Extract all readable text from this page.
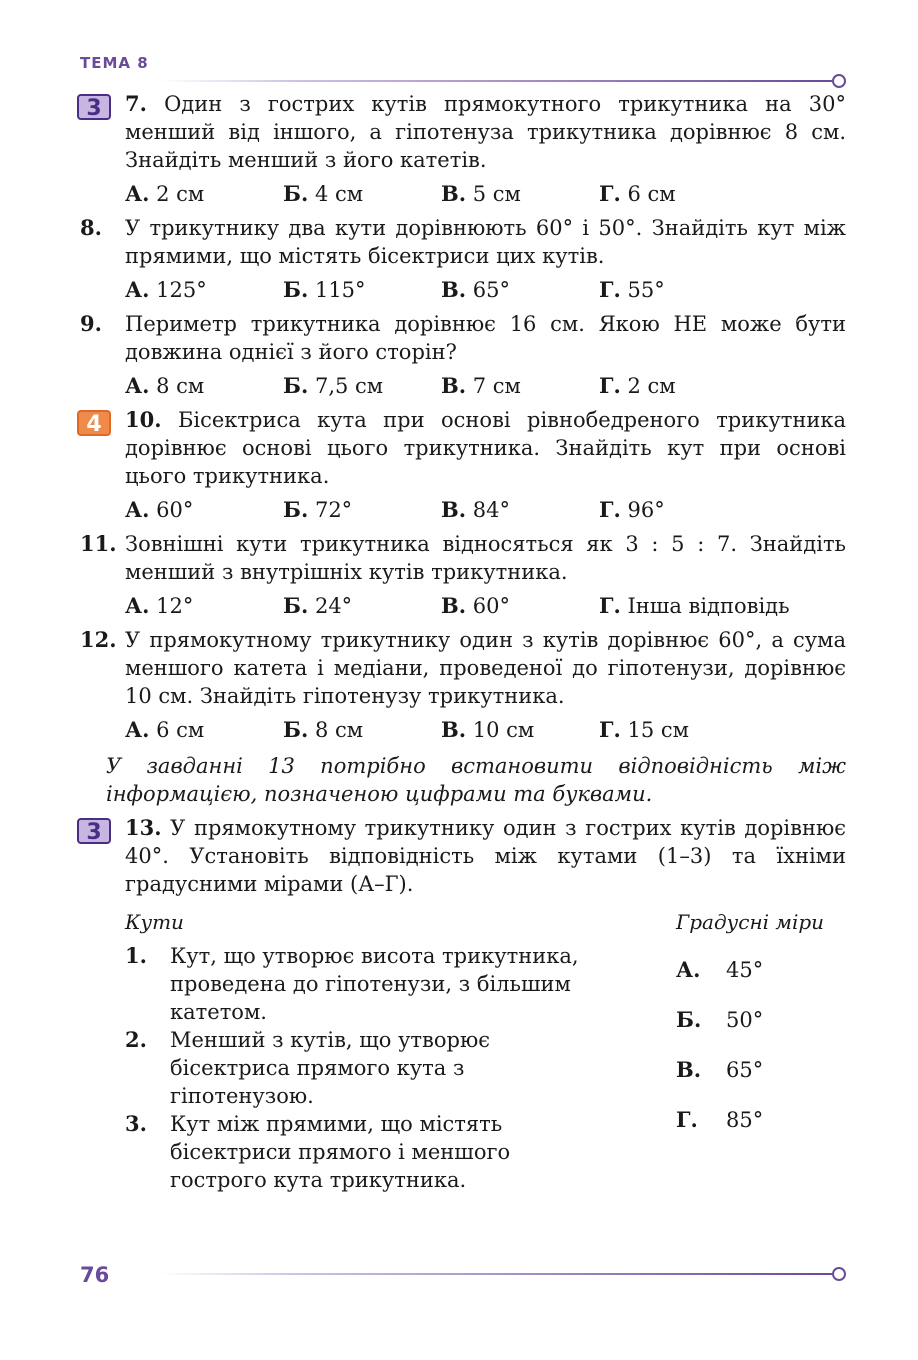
ТЕМА 8
3	7. Один з гострих кутів прямокутного трикутника на 30° менший від іншого, а гіпотенуза трикутника дорівнює 8 см. Знайдіть менший з його катетів.
А. 2 см	Б. 4 см	В. 5 см	Г. 6 см
8.	У трикутнику два кути дорівнюють 60° і 50°. Знайдіть кут між прямими, що містять бісектриси цих кутів.
А. 125°	Б. 115°	В. 65°	Г. 55°
9.	Периметр трикутника дорівнює 16 см. Якою НЕ може бути довжина однієї з його сторін?
А. 8 см	Б. 7,5 см	В. 7 см	Г. 2 см
4	10. Бісектриса кута при основі рівнобедреного трикутника дорівнює основі цього трикутника. Знайдіть кут при основі цього трикутника.
А. 60°	Б. 72°	В. 84°	Г. 96°
11. Зовнішні кути трикутника відносяться як 3 : 5 : 7. Знайдіть менший з внутрішніх кутів трикутника.
А. 12°	Б. 24°	В. 60°	Г. Інша відповідь
12. У прямокутному трикутнику один з кутів дорівнює 60°, а сума меншого катета і медіани, проведеної до гіпотенузи, дорівнює 10 см. Знайдіть гіпотенузу трикутника.
А. 6 см	Б. 8 см	В. 10 см	Г. 15 см
У завданні 13 потрібно встановити відповідність між інформацією, позначеною цифрами та буквами.
3	13. У прямокутному трикутнику один з гострих кутів дорівнює 40°. Установіть відповідність між кутами (1–3) та їхніми градусними мірами (А–Г).
Кути
1.	Кут, що утворює висота трикутника, проведена до гіпотенузи, з більшим катетом.
2.	Менший з кутів, що утворює бісектриса прямого кута з гіпотенузою.
3.	Кут між прямими, що містять бісектриси прямого і меншого гострого кута трикутника.
Градусні міри
А. 45°
Б. 50°
В. 65°
Г. 85°
76
